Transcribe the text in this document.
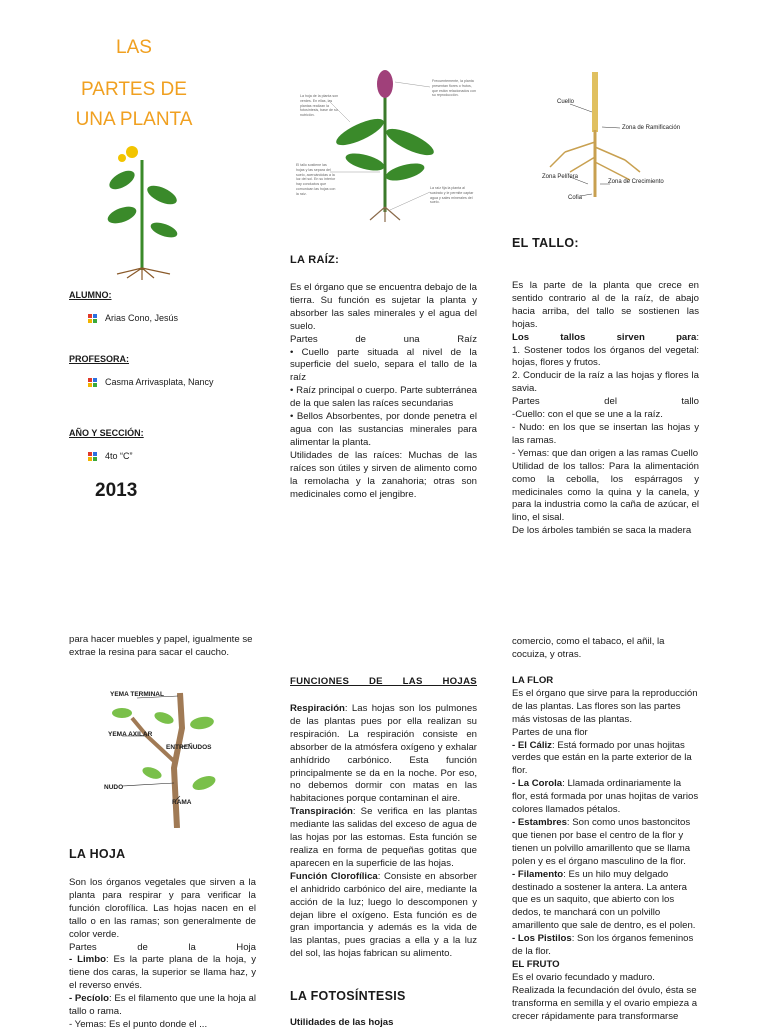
LAS
PARTES DE
UNA PLANTA
ALUMNO:
Arias Cono, Jesús
PROFESORA:
Casma Arrivasplata, Nancy
AÑO Y SECCIÓN:
4to “C”
2013
La hoja de la planta son verdes. En ellas, las plantas realizan la fotosíntesis, base de su nutrición.
Frecuentemente, la planta presentan flores o frutos, que están relacionados con su reproducción.
El tallo sostiene las hojas y las separa del suelo, acercándolas a la luz del sol. En su interior hay conductos que comunican las hojas con la raíz.
La raíz fija la planta al sustrato y le permite captar agua y sales minerales del suelo.
LA RAÍZ:

Es el órgano que se encuentra debajo de la tierra. Su función es sujetar la planta y absorber las sales minerales y el agua del suelo.

Partes de una Raíz

• Cuello parte situada al nivel de la superficie del suelo, separa el tallo de la raíz

• Raíz principal o cuerpo. Parte subterránea de la que salen las raíces secundarias

• Bellos Absorbentes, por donde penetra el agua con las sustancias minerales para alimentar la planta.

Utilidades de las raíces: Muchas de las raíces son útiles y sirven de alimento como la remolacha y la zanahoria; otras son medicinales como el jengibre.

Cuello
Zona de Ramificación
Zona Pelífera
Zona de Crecimiento
Cofia
EL TALLO:

Es la parte de la planta que crece en sentido contrario al de la raíz, de abajo hacia arriba, del tallo se sostienen las hojas.

Los tallos sirven para:

1. Sostener todos los órganos del vegetal: hojas, flores y frutos.

2. Conducir de la raíz a las hojas y flores la savia.

Partes del tallo

-Cuello: con el que se une a la raíz.

- Nudo: en los que se insertan las hojas y las ramas.

- Yemas: que dan origen a las ramas Cuello

Utilidad de los tallos: Para la alimentación como la cebolla, los espárragos y medicinales como la quina y la canela, y para la industria como la caña de azúcar, el lino, el sisal.

De los árboles también se saca la madera

para hacer muebles y papel, igualmente se extrae la resina para sacar el caucho.
YEMA TERMINAL
YEMA AXILAR
ENTRENUDOS
NUDO
RAMA
LA HOJA

Son los órganos vegetales que sirven a la planta para respirar y para verificar la función clorofílica. Las hojas nacen en el tallo o en las ramas; son generalmente de color verde.

Partes de la Hoja

- Limbo: Es la parte plana de la hoja, y tiene dos caras, la superior se llama haz, y el reverso envés.

- Pecíolo: Es el filamento que une la hoja al tallo o rama.

- Yemas: Es el punto donde el ...

FUNCIONES DE LAS HOJAS

Respiración: Las hojas son los pulmones de las plantas pues por ella realizan su respiración. La respiración consiste en absorber de la atmósfera oxígeno y exhalar anhídrido carbónico. Esta función principalmente se da en la noche. Por eso, no debemos dormir con matas en las habitaciones porque contaminan el aire.

Transpiración: Se verifica en las plantas mediante las salidas del exceso de agua de las hojas por las estomas. Esta función se realiza en forma de pequeñas gotitas que aparecen en la superficie de las hojas.

Función Clorofílica: Consiste en absorber el anhidrido carbónico del aire, mediante la acción de la luz; luego lo descomponen y dejan libre el oxígeno. Esta función es de gran importancia y además es la vida de las plantas, pues gracias a ella y a la luz del sol, las hojas fabrican su alimento.

LA FOTOSÍNTESIS
Utilidades de las hojas
comercio, como el tabaco, el añil, la cocuiza, y otras.

LA FLOR

Es el órgano que sirve para la reproducción de las plantas. Las flores son las partes más vistosas de las plantas.

Partes de una flor

- El Cáliz: Está formado por unas hojitas verdes que están en la parte exterior de la flor.

- La Corola: Llamada ordinariamente la flor, está formada por unas hojitas de varios colores llamados pétalos.

- Estambres: Son como unos bastoncitos que tienen por base el centro de la flor y tienen un polvillo amarillento que se llama polen y es el órgano masculino de la flor.

- Filamento: Es un hilo muy delgado destinado a sostener la antera. La antera que es un saquito, que abierto con los dedos, te manchará con un polvillo amarillento que sale de dentro, es el polen.

- Los Pistilos: Son los órganos femeninos de la flor.

EL FRUTO

Es el ovario fecundado y maduro. Realizada la fecundación del óvulo, ésta se transforma en semilla y el ovario empieza a crecer rápidamente para transformarse
